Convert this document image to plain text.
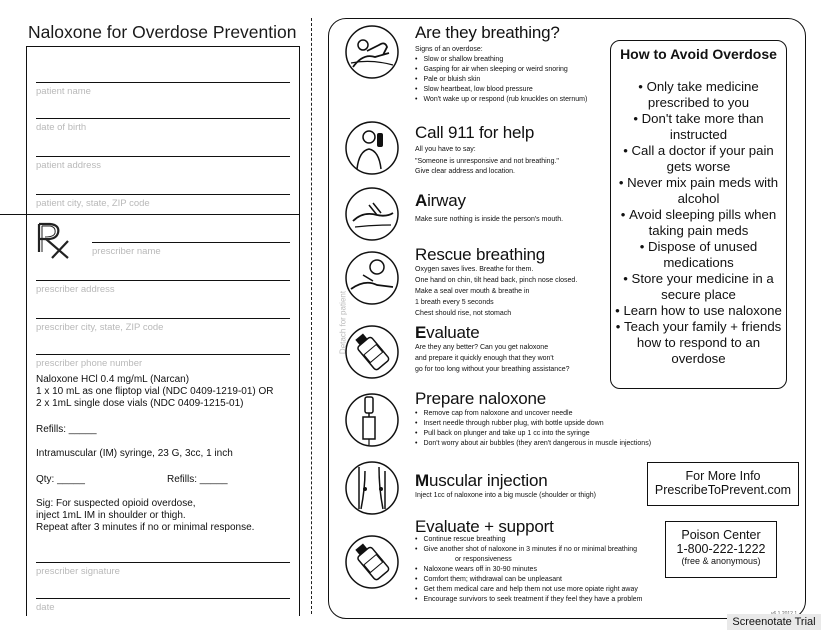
Naloxone for Overdose Prevention
patient name
date of birth
patient address
patient city, state, ZIP code
prescriber name
prescriber address
prescriber city, state, ZIP code
prescriber phone number
Naloxone HCl 0.4 mg/mL (Narcan)
1 x 10 mL as one fliptop vial (NDC 0409-1219-01) OR
2 x 1mL single dose vials (NDC 0409-1215-01)
Refills: _____
Intramuscular (IM) syringe, 23 G, 3cc, 1 inch
Qty: _____	Refills: _____
Sig: For suspected opioid overdose,
inject 1mL IM in shoulder or thigh.
Repeat after 3 minutes if no or minimal response.
prescriber signature
date
Detach for patient
Are they breathing?
Signs of an overdose:
• Slow or shallow breathing
• Gasping for air when sleeping or weird snoring
• Pale or bluish skin
• Slow heartbeat, low blood pressure
• Won't wake up or respond (rub knuckles on sternum)
Call 911 for help
All you have to say:
"Someone is unresponsive and not breathing."
Give clear address and location.
Airway
Make sure nothing is inside the person's mouth.
Rescue breathing
Oxygen saves lives. Breathe for them.
One hand on chin, tilt head back, pinch nose closed.
Make a seal over mouth & breathe in
1 breath every 5 seconds
Chest should rise, not stomach
Evaluate
Are they any better? Can you get naloxone
and prepare it quickly enough that they won't
go for too long without your breathing assistance?
Prepare naloxone
• Remove cap from naloxone and uncover needle
• Insert needle through rubber plug, with bottle upside down
• Pull back on plunger and take up 1 cc into the syringe
• Don't worry about air bubbles (they aren't dangerous in muscle injections)
Muscular injection
Inject 1cc of naloxone into a big muscle (shoulder or thigh)
Evaluate + support
• Continue rescue breathing
• Give another shot of naloxone in 3 minutes if no or minimal breathing
or responsiveness
• Naloxone wears off in 30-90 minutes
• Comfort them; withdrawal can be unpleasant
• Get them medical care and help them not use more opiate right away
• Encourage survivors to seek treatment if they feel they have a problem
How to Avoid Overdose
• Only take medicine prescribed to you
• Don't take more than instructed
• Call a doctor if your pain gets worse
• Never mix pain meds with alcohol
• Avoid sleeping pills when taking pain meds
• Dispose of unused medications
• Store your medicine in a secure place
• Learn how to use naloxone
• Teach your family + friends how to respond to an overdose
For More Info
PrescribeToPrevent.com
Poison Center
1-800-222-1222
(free & anonymous)
Screenotate Trial
